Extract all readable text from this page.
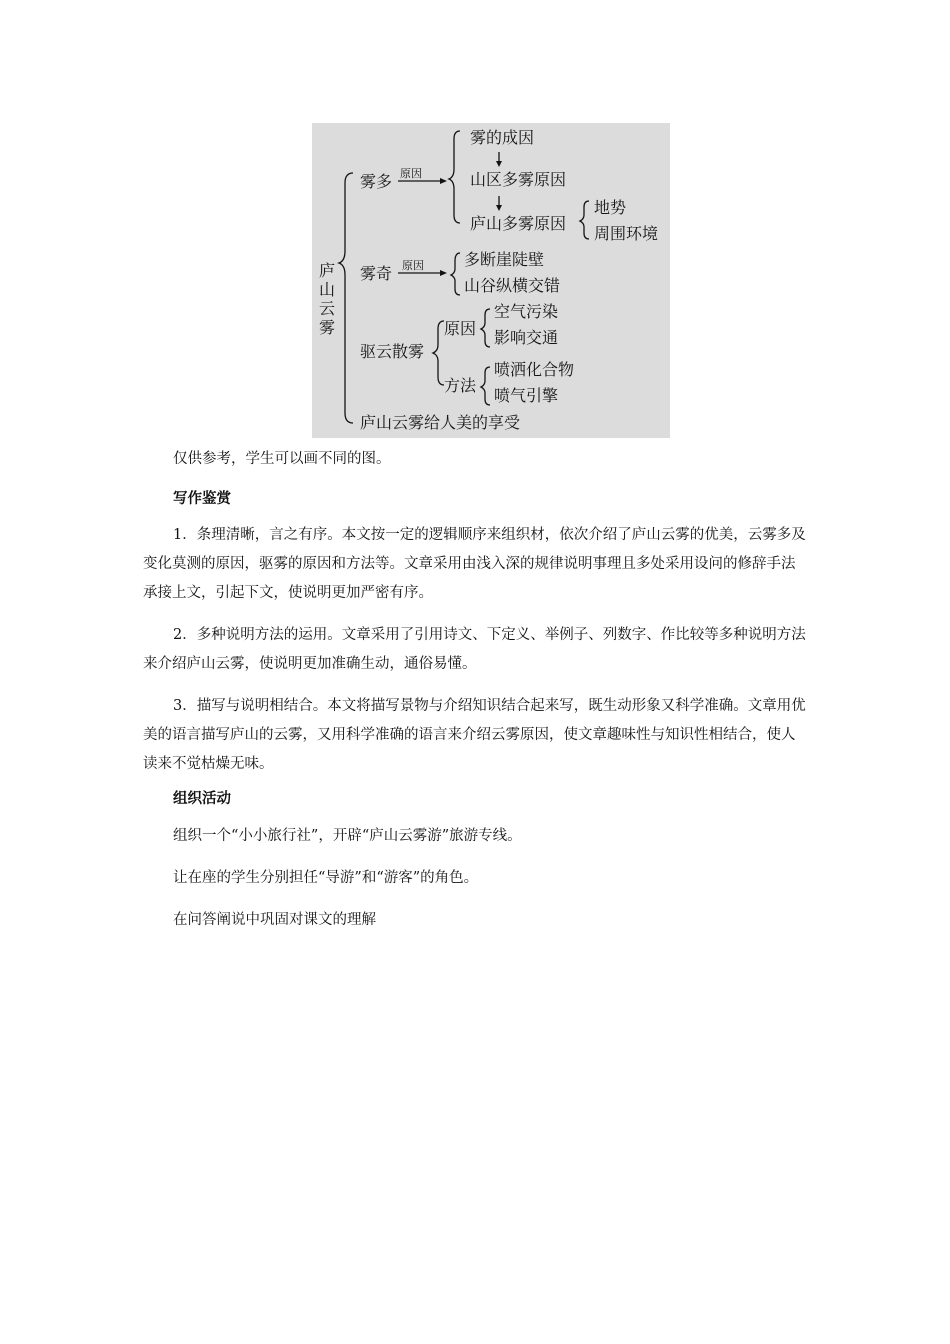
庐
山
云
雾
雾多 原因
雾的成因
山区多雾原因
庐山多雾原因
地势
周围环境
雾奇 原因	多断崖陡壁
山谷纵横交错
驱云散雾
原因
空气污染
影响交通
方法
喷洒化合物
喷气引擎
庐山云雾给人美的享受

仅供参考，学生可以画不同的图。

写作鉴赏

1．条理清晰，言之有序。本文按一定的逻辑顺序来组织材，依次介绍了庐山云雾的优美，云雾多及变化莫测的原因，驱雾的原因和方法等。文章采用由浅入深的规律说明事理且多处采用设问的修辞手法承接上文，引起下文，使说明更加严密有序。

2．多种说明方法的运用。文章采用了引用诗文、下定义、举例子、列数字、作比较等多种说明方法来介绍庐山云雾，使说明更加准确生动，通俗易懂。

3．描写与说明相结合。本文将描写景物与介绍知识结合起来写，既生动形象又科学准确。文章用优美的语言描写庐山的云雾，又用科学准确的语言来介绍云雾原因，使文章趣味性与知识性相结合，使人读来不觉枯燥无味。

组织活动

组织一个“小小旅行社”，开辟“庐山云雾游”旅游专线。

让在座的学生分别担任“导游”和“游客”的角色。

在问答阐说中巩固对课文的理解
